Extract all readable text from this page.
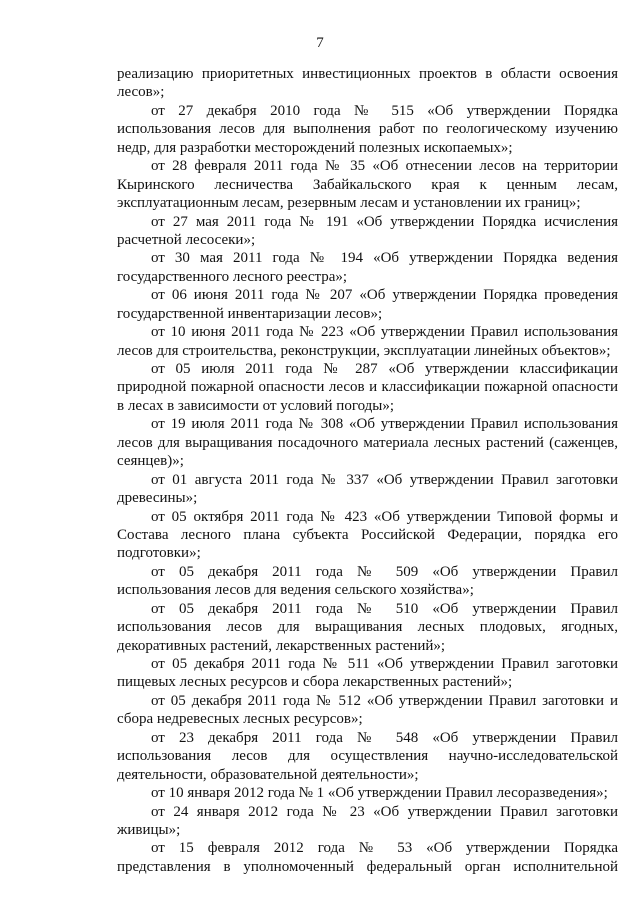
7
реализацию приоритетных инвестиционных проектов в области освоения
лесов»;
от 27 декабря 2010 года № 515 «Об утверждении Порядка
использования лесов для выполнения работ по геологическому изучению
недр, для разработки месторождений полезных ископаемых»;
от 28 февраля 2011 года № 35 «Об отнесении лесов на территории
Кыринского лесничества Забайкальского края к ценным лесам,
эксплуатационным лесам, резервным лесам и установлении их границ»;
от 27 мая 2011 года № 191 «Об утверждении Порядка исчисления
расчетной лесосеки»;
от 30 мая 2011 года № 194 «Об утверждении Порядка ведения
государственного лесного реестра»;
от 06 июня 2011 года № 207 «Об утверждении Порядка проведения
государственной инвентаризации лесов»;
от 10 июня 2011 года № 223 «Об утверждении Правил использования
лесов для строительства, реконструкции, эксплуатации линейных объектов»;
от 05 июля 2011 года № 287 «Об утверждении классификации
природной пожарной опасности лесов и классификации пожарной опасности
в лесах в зависимости от условий погоды»;
от 19 июля 2011 года № 308 «Об утверждении Правил использования
лесов для выращивания посадочного материала лесных растений (саженцев,
сеянцев)»;
от 01 августа 2011 года № 337 «Об утверждении Правил заготовки
древесины»;
от 05 октября 2011 года № 423 «Об утверждении Типовой формы и
Состава лесного плана субъекта Российской Федерации, порядка его
подготовки»;
от 05 декабря 2011 года № 509 «Об утверждении Правил
использования лесов для ведения сельского хозяйства»;
от 05 декабря 2011 года № 510 «Об утверждении Правил
использования лесов для выращивания лесных плодовых, ягодных,
декоративных растений, лекарственных растений»;
от 05 декабря 2011 года № 511 «Об утверждении Правил заготовки
пищевых лесных ресурсов и сбора лекарственных растений»;
от 05 декабря 2011 года № 512 «Об утверждении Правил заготовки и
сбора недревесных лесных ресурсов»;
от 23 декабря 2011 года № 548 «Об утверждении Правил
использования лесов для осуществления научно-исследовательской
деятельности, образовательной деятельности»;
от 10 января 2012 года № 1 «Об утверждении Правил лесоразведения»;
от 24 января 2012 года № 23 «Об утверждении Правил заготовки
живицы»;
от 15 февраля 2012 года № 53 «Об утверждении Порядка
представления в уполномоченный федеральный орган исполнительной
